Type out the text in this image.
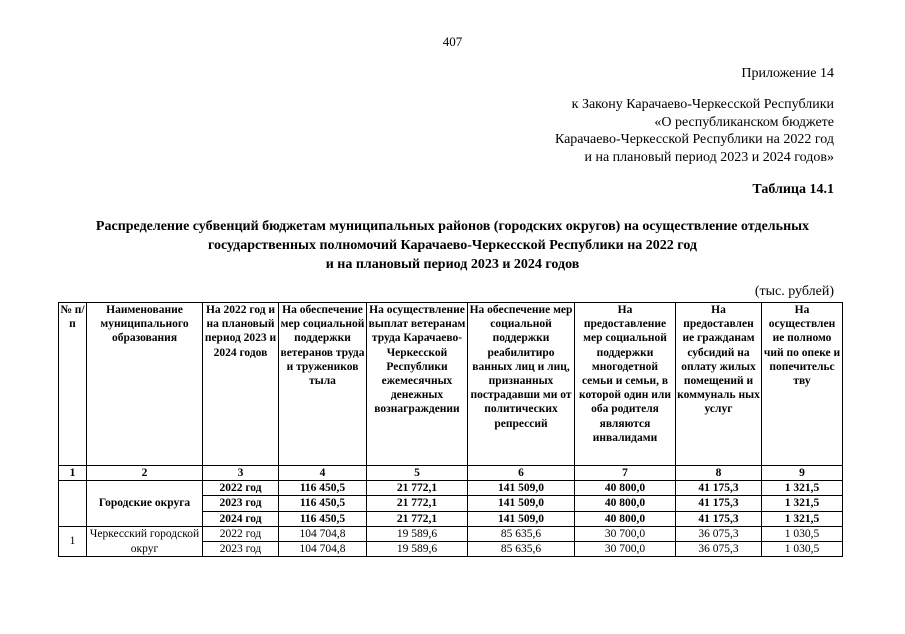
407
Приложение 14
к Закону Карачаево-Черкесской Республики
«О республиканском бюджете
Карачаево-Черкесской Республики на 2022 год
и на плановый период 2023 и 2024 годов»
Таблица 14.1
Распределение субвенций бюджетам муниципальных районов (городских округов) на осуществление отдельных
государственных полномочий Карачаево-Черкесской Республики на 2022 год
и на плановый период 2023 и 2024 годов
(тыс. рублей)
№ п/п	Наименование муниципального образования	На 2022 год и на плановый период 2023 и 2024 годов	На обеспечение мер социальной поддержки ветеранов труда и тружеников тыла	На осуществление выплат ветеранам труда Карачаево-Черкесской Республики ежемесячных денежных вознаграждении	На обеспечение мер социальной поддержки реабилитиро ванных лиц и лиц, признанных пострадавши ми от политических репрессий	На предоставление мер социальной поддержки многодетной семьи и семьи, в которой один или оба родителя являются инвалидами	На предоставлен ие гражданам субсидий на оплату жилых помещений и коммуналь ных услуг	На осуществлен ие полномо чий по опеке и попечительс тву
1	2	3	4	5	6	7	8	9
	Городские округа	2022 год	116 450,5	21 772,1	141 509,0	40 800,0	41 175,3	1 321,5
		2023 год	116 450,5	21 772,1	141 509,0	40 800,0	41 175,3	1 321,5
		2024 год	116 450,5	21 772,1	141 509,0	40 800,0	41 175,3	1 321,5
1	Черкесский городской округ	2022 год	104 704,8	19 589,6	85 635,6	30 700,0	36 075,3	1 030,5
		2023 год	104 704,8	19 589,6	85 635,6	30 700,0	36 075,3	1 030,5
